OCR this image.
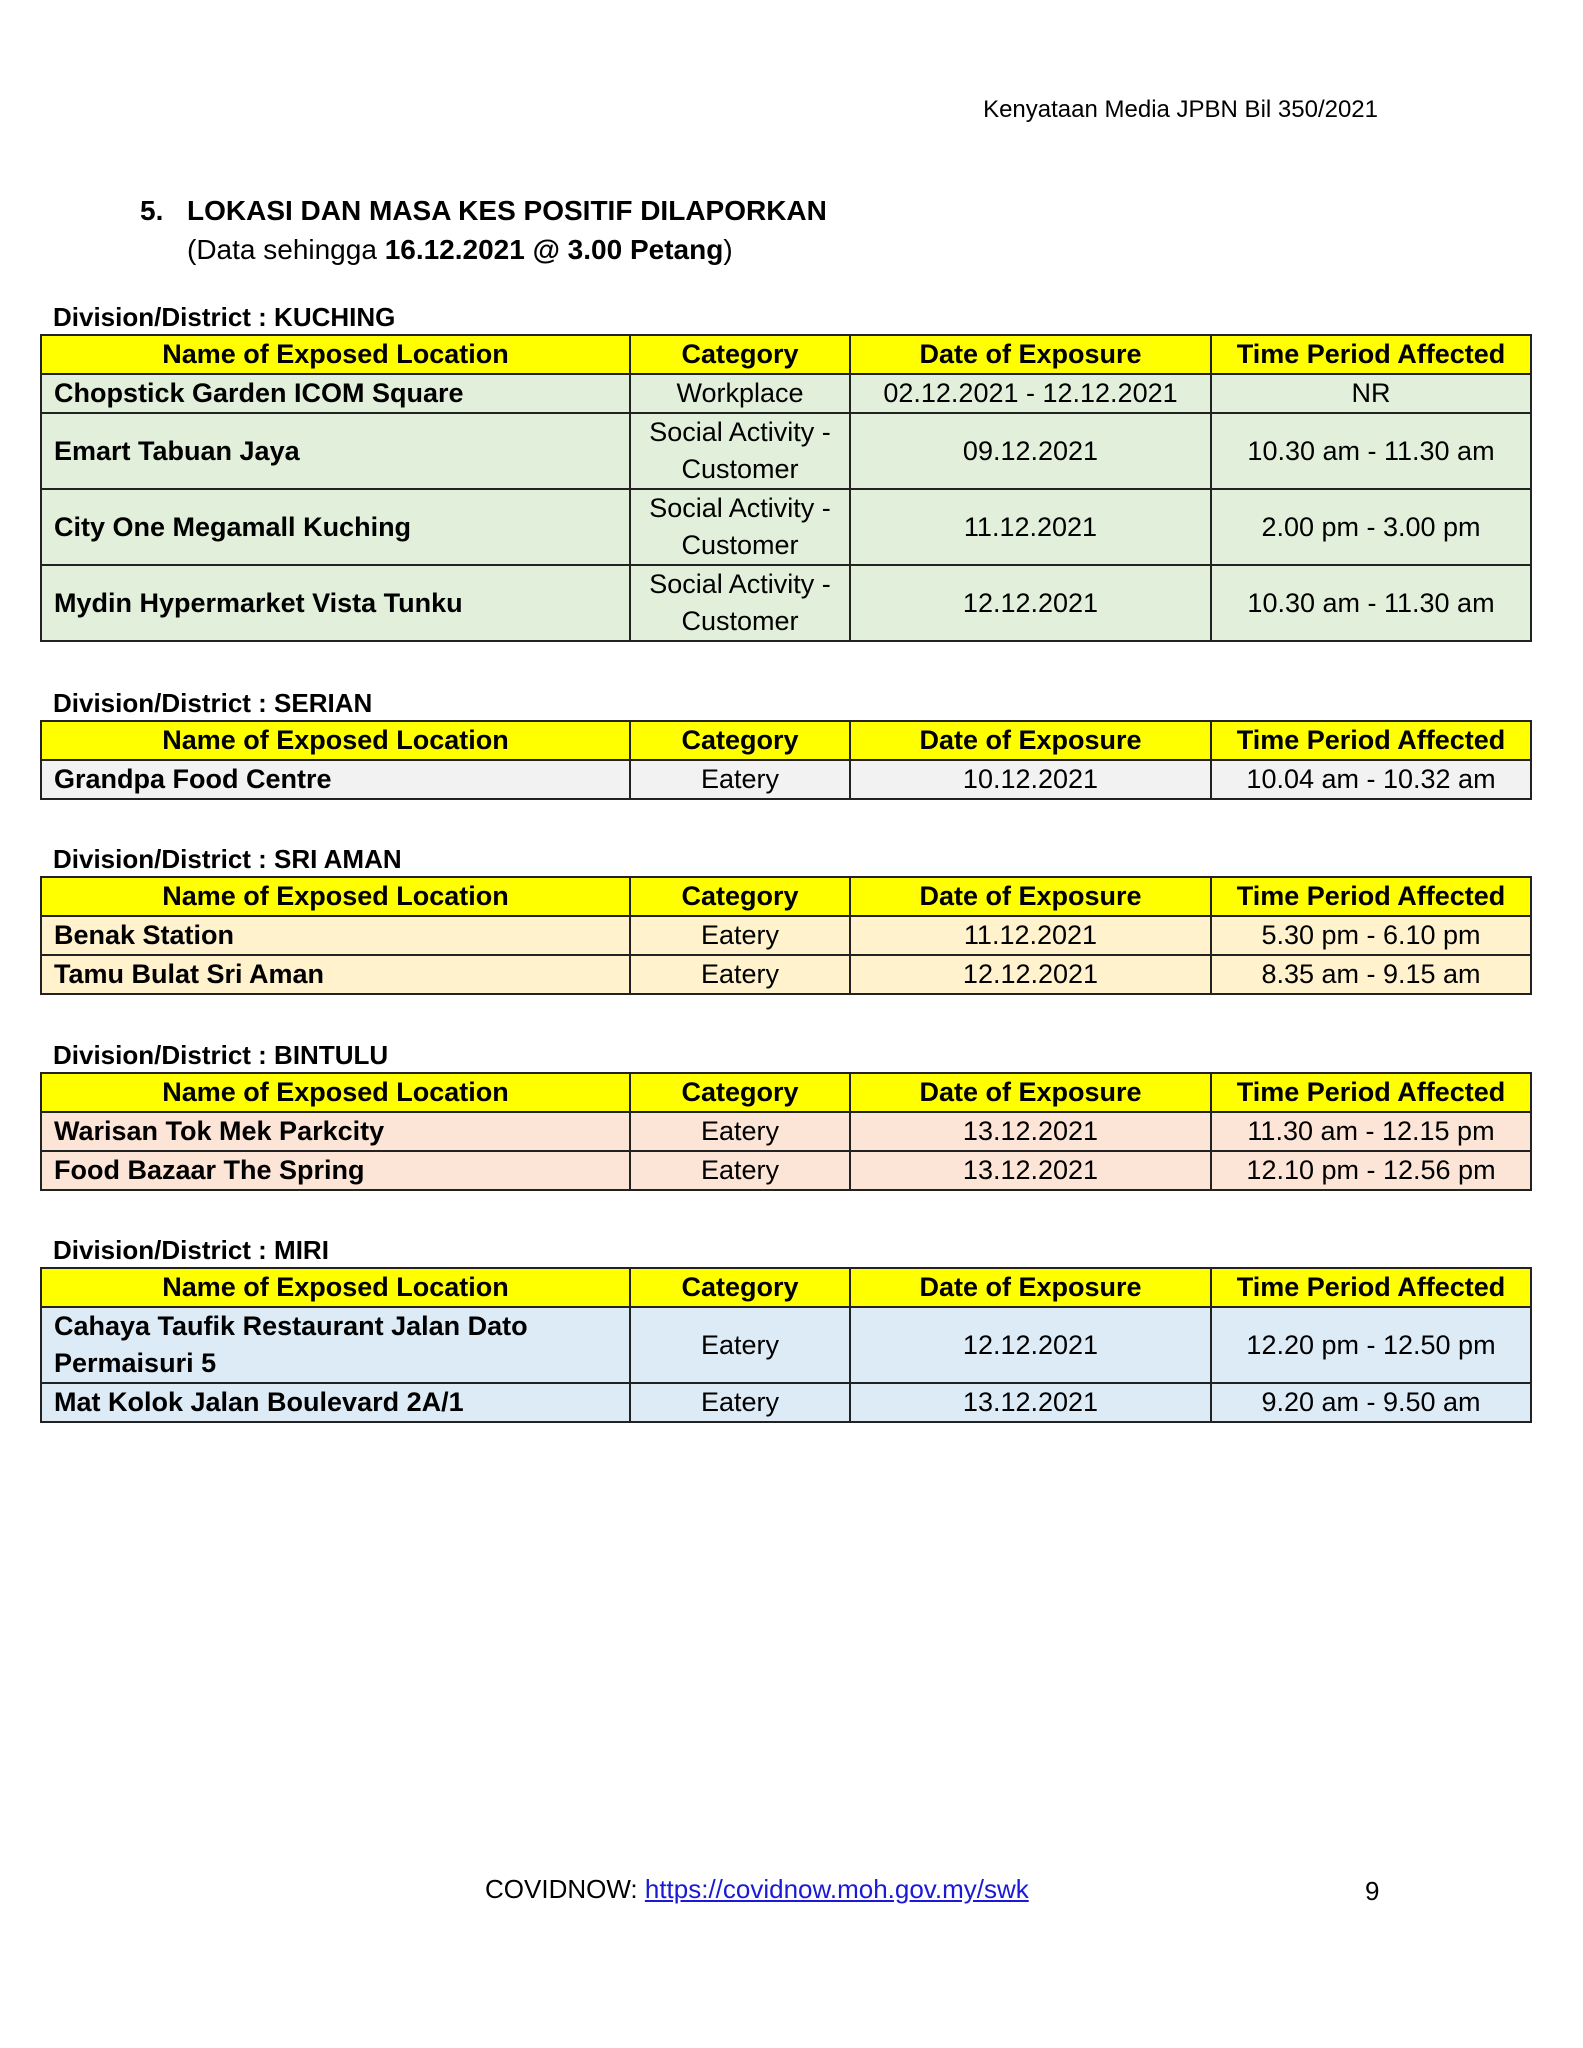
Kenyataan Media JPBN Bil 350/2021
5. LOKASI DAN MASA KES POSITIF DILAPORKAN
(Data sehingga 16.12.2021 @ 3.00 Petang)
Division/District : KUCHING
Name of Exposed Location	Category	Date of Exposure	Time Period Affected
Chopstick Garden ICOM Square	Workplace	02.12.2021 - 12.12.2021	NR
Emart Tabuan Jaya	Social Activity - Customer	09.12.2021	10.30 am - 11.30 am
City One Megamall Kuching	Social Activity - Customer	11.12.2021	2.00 pm - 3.00 pm
Mydin Hypermarket Vista Tunku	Social Activity - Customer	12.12.2021	10.30 am - 11.30 am
Division/District : SERIAN
Name of Exposed Location	Category	Date of Exposure	Time Period Affected
Grandpa Food Centre	Eatery	10.12.2021	10.04 am - 10.32 am
Division/District : SRI AMAN
Name of Exposed Location	Category	Date of Exposure	Time Period Affected
Benak Station	Eatery	11.12.2021	5.30 pm - 6.10 pm
Tamu Bulat Sri Aman	Eatery	12.12.2021	8.35 am - 9.15 am
Division/District : BINTULU
Name of Exposed Location	Category	Date of Exposure	Time Period Affected
Warisan Tok Mek Parkcity	Eatery	13.12.2021	11.30 am - 12.15 pm
Food Bazaar The Spring	Eatery	13.12.2021	12.10 pm - 12.56 pm
Division/District : MIRI
Name of Exposed Location	Category	Date of Exposure	Time Period Affected
Cahaya Taufik Restaurant Jalan Dato Permaisuri 5	Eatery	12.12.2021	12.20 pm - 12.50 pm
Mat Kolok Jalan Boulevard 2A/1	Eatery	13.12.2021	9.20 am - 9.50 am
COVIDNOW: https://covidnow.moh.gov.my/swk	9
